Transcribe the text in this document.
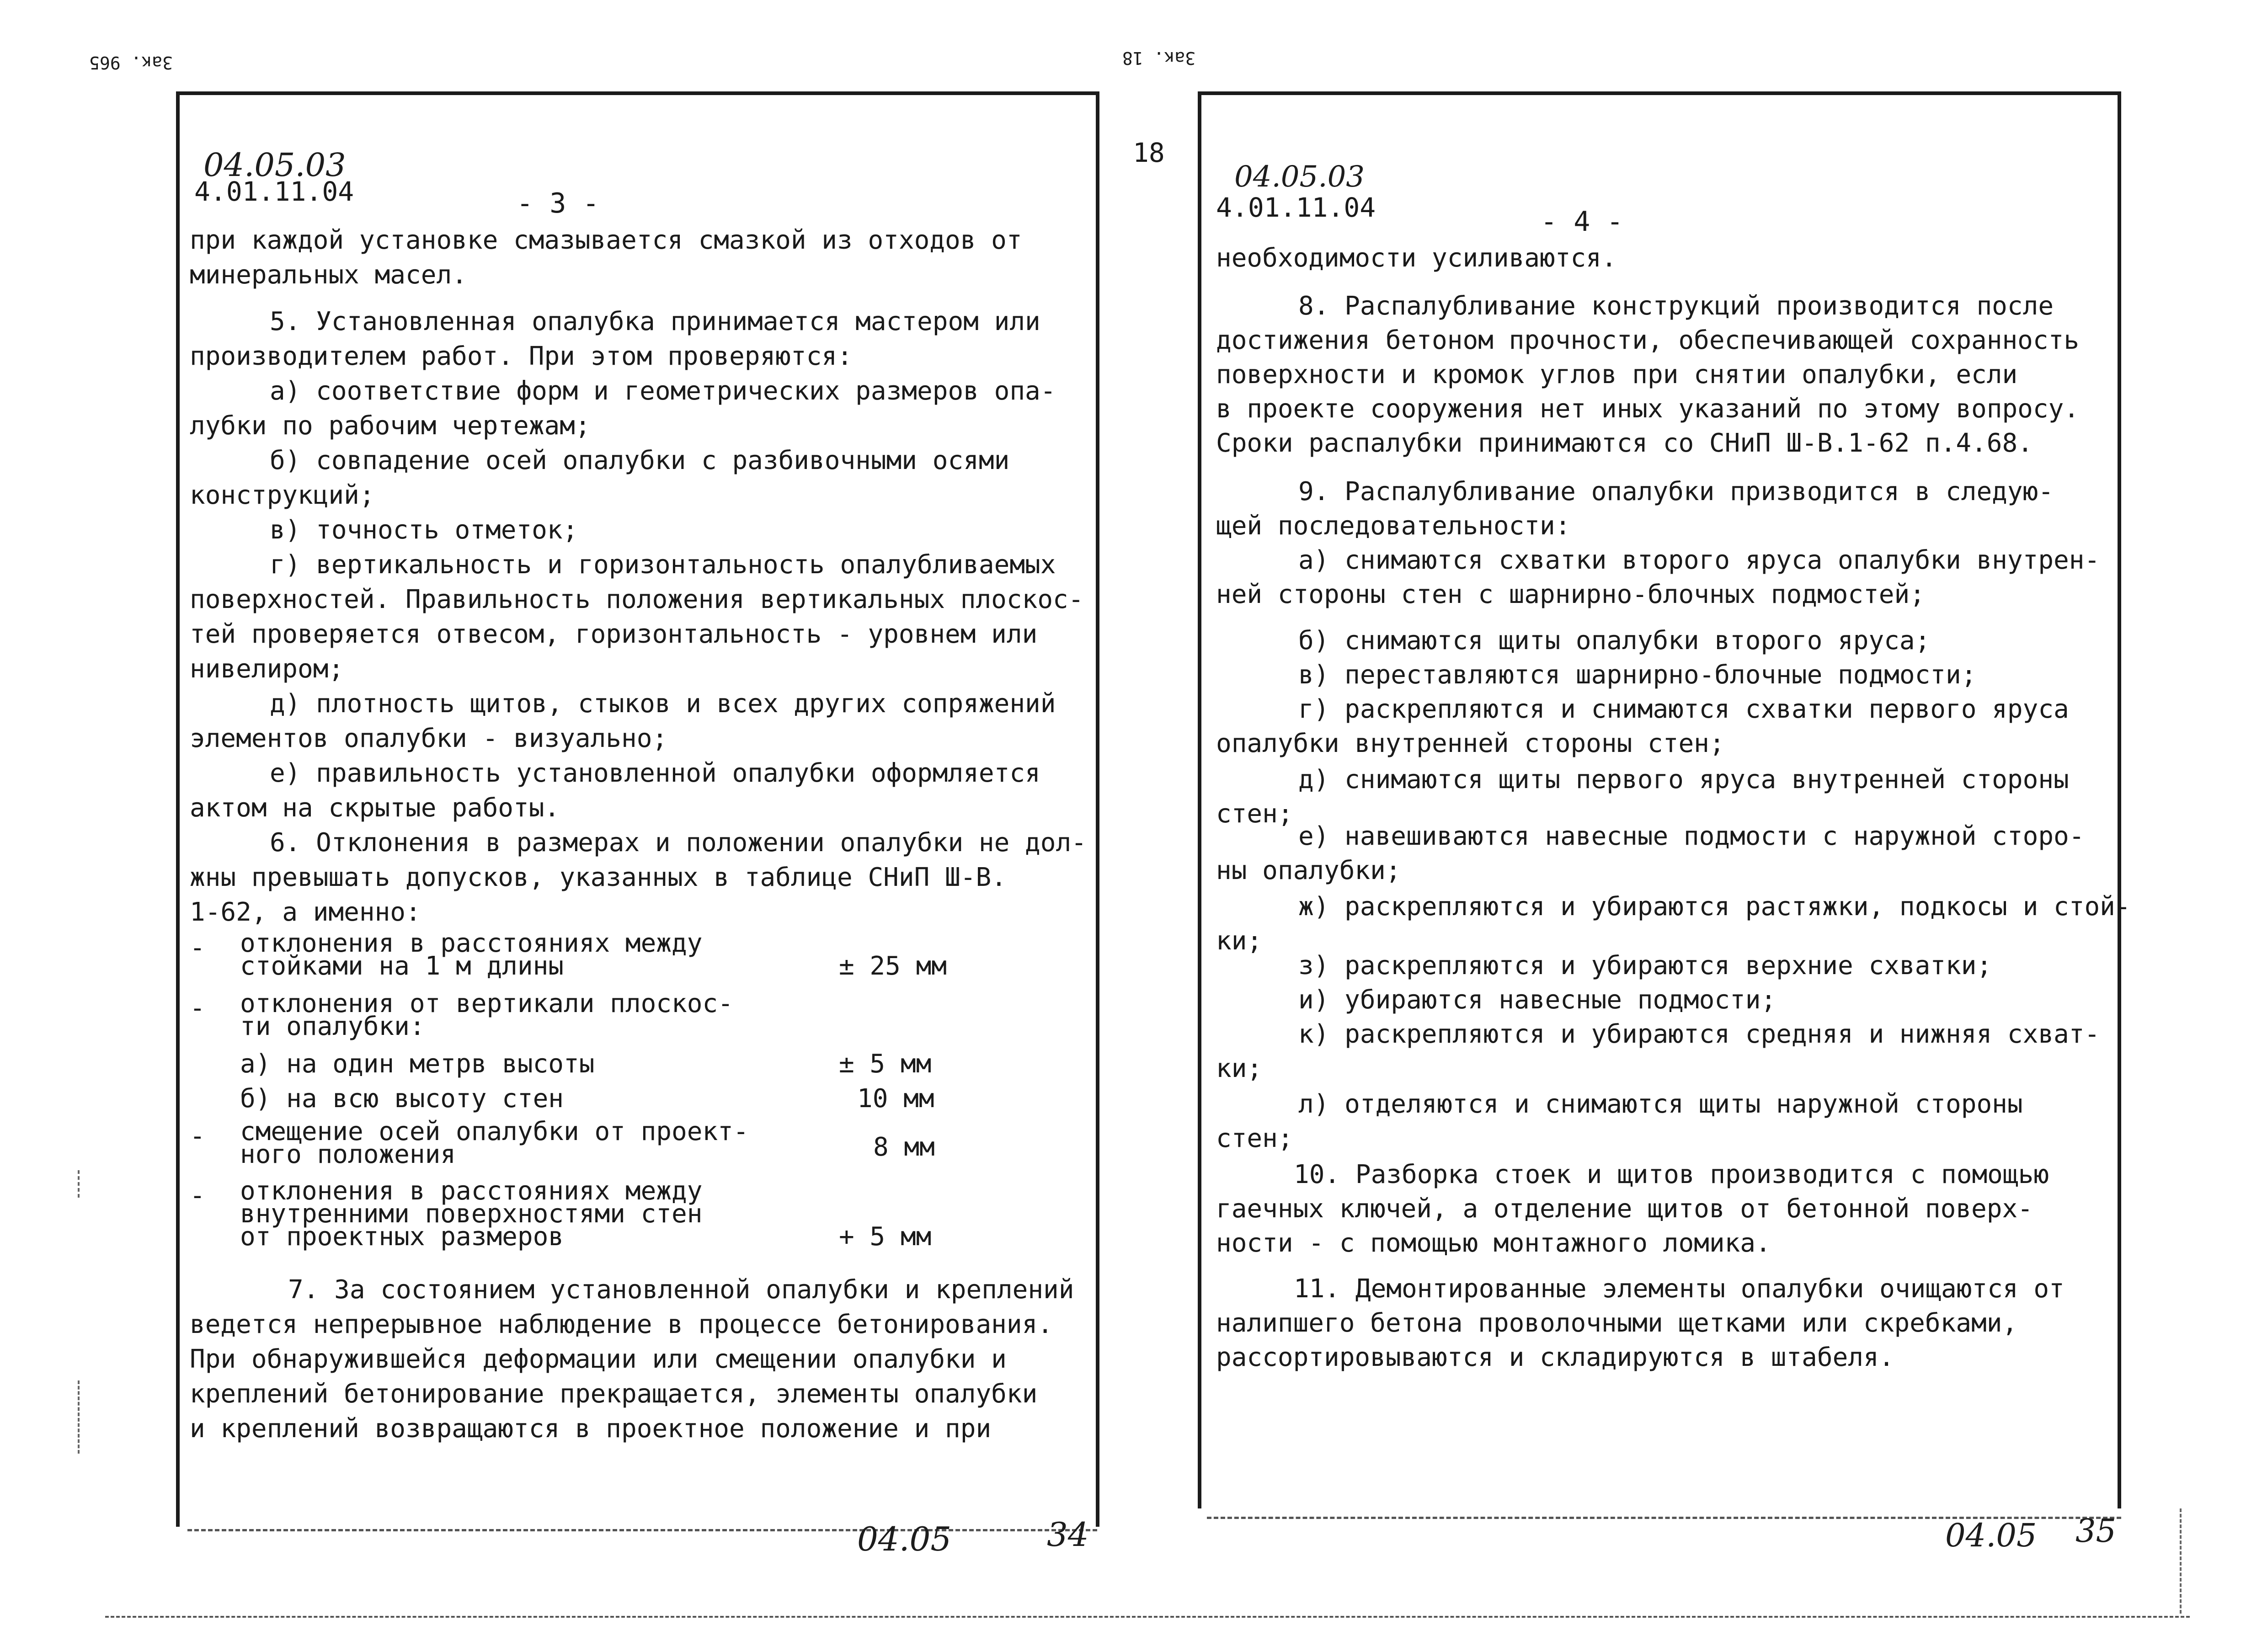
Зак. 965	Зак. 18
18
04.05.03
4.01.11.04	- 3 -
при каждой установке смазывается смазкой из отходов от
минеральных масел.
5. Установленная опалубка принимается мастером или
производителем работ. При этом проверяются:
а) соответствие форм и геометрических размеров опа-
лубки по рабочим чертежам;
б) совпадение осей опалубки с разбивочными осями
конструкций;
в) точность отметок;
г) вертикальность и горизонтальность опалубливаемых
поверхностей. Правильность положения вертикальных плоскос-
тей проверяется отвесом, горизонтальность - уровнем или
нивелиром;
д) плотность щитов, стыков и всех других сопряжений
элементов опалубки - визуально;
е) правильность установленной опалубки оформляется
актом на скрытые работы.
6. Отклонения в размерах и положении опалубки не дол-
жны превышать допусков, указанных в таблице СНиП Ш-В.
1-62, а именно:
- отклонения в расстояниях между
стойками на 1 м длины	± 25 мм
- отклонения от вертикали плоскос-
ти опалубки:
а) на один метрв высоты	± 5 мм
б) на всю высоту стен	10 мм
- смещение осей опалубки от проект-
ного положения	8 мм
- отклонения в расстояниях между
внутренними поверхностями стен
от проектных размеров	+ 5 мм
7. За состоянием установленной опалубки и креплений
ведется непрерывное наблюдение в процессе бетонирования.
При обнаружившейся деформации или смещении опалубки и
креплений бетонирование прекращается, элементы опалубки
и креплений возвращаются в проектное положение и при
04.05	34
04.05.03
4.01.11.04	- 4 -
необходимости усиливаются.
8. Распалубливание конструкций производится после
достижения бетоном прочности, обеспечивающей сохранность
поверхности и кромок углов при снятии опалубки, если
в проекте сооружения нет иных указаний по этому вопросу.
Сроки распалубки принимаются со СНиП Ш-В.1-62 п.4.68.
9. Распалубливание опалубки призводится в следую-
щей последовательности:
а) снимаются схватки второго яруса опалубки внутрен-
ней стороны стен с шарнирно-блочных подмостей;
б) снимаются щиты опалубки второго яруса;
в) переставляются шарнирно-блочные подмости;
г) раскрепляются и снимаются схватки первого яруса
опалубки внутренней стороны стен;
д) снимаются щиты первого яруса внутренней стороны
стен;
е) навешиваются навесные подмости с наружной сторо-
ны опалубки;
ж) раскрепляются и убираются растяжки, подкосы и стой-
ки;
з) раскрепляются и убираются верхние схватки;
и) убираются навесные подмости;
к) раскрепляются и убираются средняя и нижняя схват-
ки;
л) отделяются и снимаются щиты наружной стороны
стен;
10. Разборка стоек и щитов производится с помощью
гаечных ключей, а отделение щитов от бетонной поверх-
ности - с помощью монтажного ломика.
11. Демонтированные элементы опалубки очищаются от
налипшего бетона проволочными щетками или скребками,
рассортировываются и складируются в штабеля.
04.05 35
